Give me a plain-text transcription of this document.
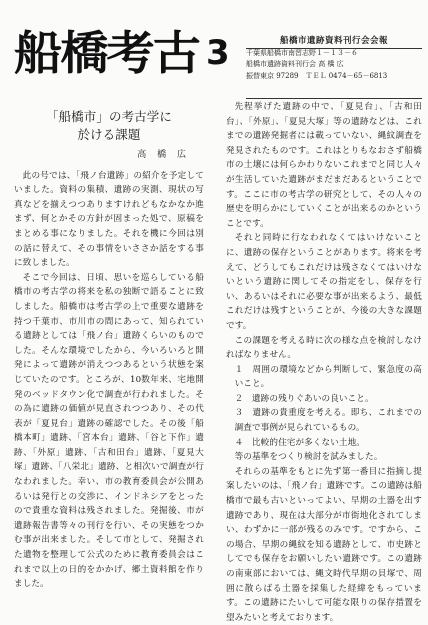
船橋考古 3	船橋市遺跡資料刊行会会報
千葉県船橋市南習志野１－１３－６
船橋市遺跡資料刊行会 高 橋 広
振替東京 97289　ＴＥＬ 0474－65－6813
「船橋市」の考古学に
於ける課題
高 橋 広

此の号では、「飛ノ台遺跡」の紹介を予定していました。資料の集積、遺跡の実測、現状の写真などを揃えつつありますけれどもなかなか進まず、何とかその方針が固まった処で、原稿をまとめる事になりました。それを機に今回は別の話に替えて、その事情をいささか話をする事に致しました。

そこで今回は、日頃、思いを巡らしている船橋市の考古学の将来を私の独断で語ることに致しました。船橋市は考古学の上で重要な遺跡を持つ千葉市、市川市の間にあって、知られている遺跡としては「飛ノ台」遺跡くらいのものでした。そんな環境でしたから、今いろいろと開発によって遺跡が消えつつあるという状態を案じていたのです。ところが、10数年来、宅地開発のベッドタウン化で調査が行われました。その為に遺跡の価値が見直されつつあり、その代表が「夏見台」遺跡の確認でした。その後「船橋本町」遺跡、「宮本台」遺跡、「谷と下作」遺跡、「外原」遺跡、「古和田台」遺跡、「夏見大塚」遺跡、「八栄北」遺跡、と相次いで調査が行なわれました。幸い、市の教育委員会が公開あるいは発行との交渉に、インドネシアをとったので貴重な資料は残されました。発掘後、市が遺跡報告書等々の刊行を行い、その実態をつかむ事が出来ました。そして市として、発掘された遺物を整理して公式のために教育委員会はこれまで以上の日的をかかげ、郷土資料館を作りました。

先程挙げた遺跡の中で、「夏見台」、「古和田台」、「外原」、「夏見大塚」等の遺跡などは、これまでの遺跡発掘者には載っていない、縄紋調査を発見されたものです。これはとりもなおさず船橋市の土壌には何らかわりないこれまでと同じ人々が生活していた遺跡がまだまだあるということです。ここに市の考古学の研究として、その人々の歴史を明らかにしていくことが出来るのかということです。

それと同時に行なわれなくてはいけないことに、遺跡の保存ということがあります。将来を考えて、どうしてもこれだけは残さなくてはいけないという遺跡に関してその指定をし、保存を行い、あるいはそれに必要な事が出来るよう、最低これだけは残すということが、今後の大きな課題です。

この課題を考える時に次の様な点を検討しなければなりません。

１　周囲の環境などから判断して、緊急度の高いこと。

２　遺跡の残りぐあいの良いこと。

３　遺跡の貴重度を考える。即ち、これまでの調査で事例が見られているもの。

４　比較的住宅が多くない土地。

等の基準をつくり検討を試みました。

それらの基準をもとに先ず第一番目に指摘し提案したいのは、「飛ノ台」遺跡です。この遺跡は船橋市で最も古いといってよい、早期の土器を出す遺跡であり、現在は大部分が市街地化されてしまい、わずかに一部が残るのみです。ですから、この場合、早期の縄紋を知る遺跡として、市史跡としてでも保存をお願いしたい遺跡です。この遺跡の南東部においては、縄文時代早期の貝塚で、周囲に散らばる土器を採集した経緯をもっています。この遺跡にたいして可能な限りの保存措置を望みたいと考えております。
